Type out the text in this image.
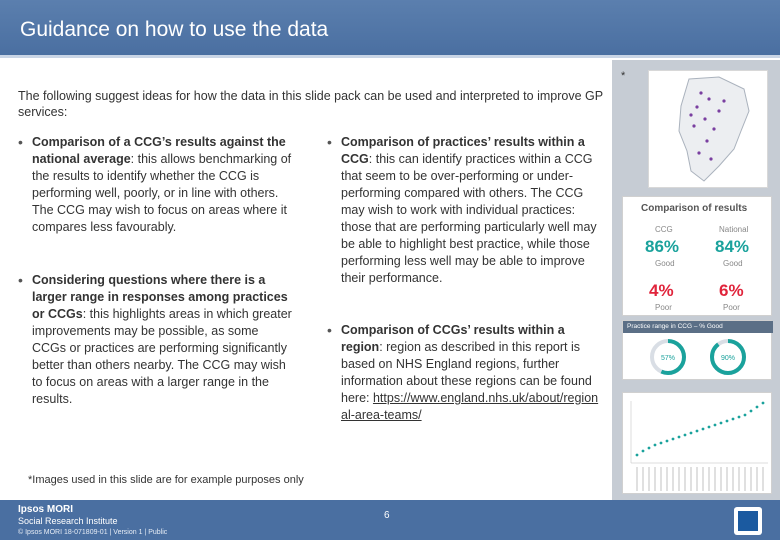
Guidance on how to use the data
The following suggest ideas for how the data in this slide pack can be used and interpreted to improve GP services:
• Comparison of a CCG’s results against the national average: this allows benchmarking of the results to identify whether the CCG is performing well, poorly, or in line with others. The CCG may wish to focus on areas where it compares less favourably.
• Considering questions where there is a larger range in responses among practices or CCGs: this highlights areas in which greater improvements may be possible, as some CCGs or practices are performing significantly better than others nearby. The CCG may wish to focus on areas with a larger range in the results.
• Comparison of practices’ results within a CCG: this can identify practices within a CCG that seem to be over-performing or under-performing compared with others. The CCG may wish to work with individual practices: those that are performing particularly well may be able to highlight best practice, while those performing less well may be able to improve their performance.
• Comparison of CCGs’ results within a region: region as described in this report is based on NHS England regions, further information about these regions can be found here: https://www.england.nhs.uk/about/regional-area-teams/
*Images used in this slide are for example purposes only
*
Comparison of results
CCG	National
86% 84%
Good	Good
4%	6%
Poor	Poor
Practice range in CCG – % Good
57%	90%
Ipsos MORI
Social Research Institute
© Ipsos MORI 18-071809-01 | Version 1 | Public
6
